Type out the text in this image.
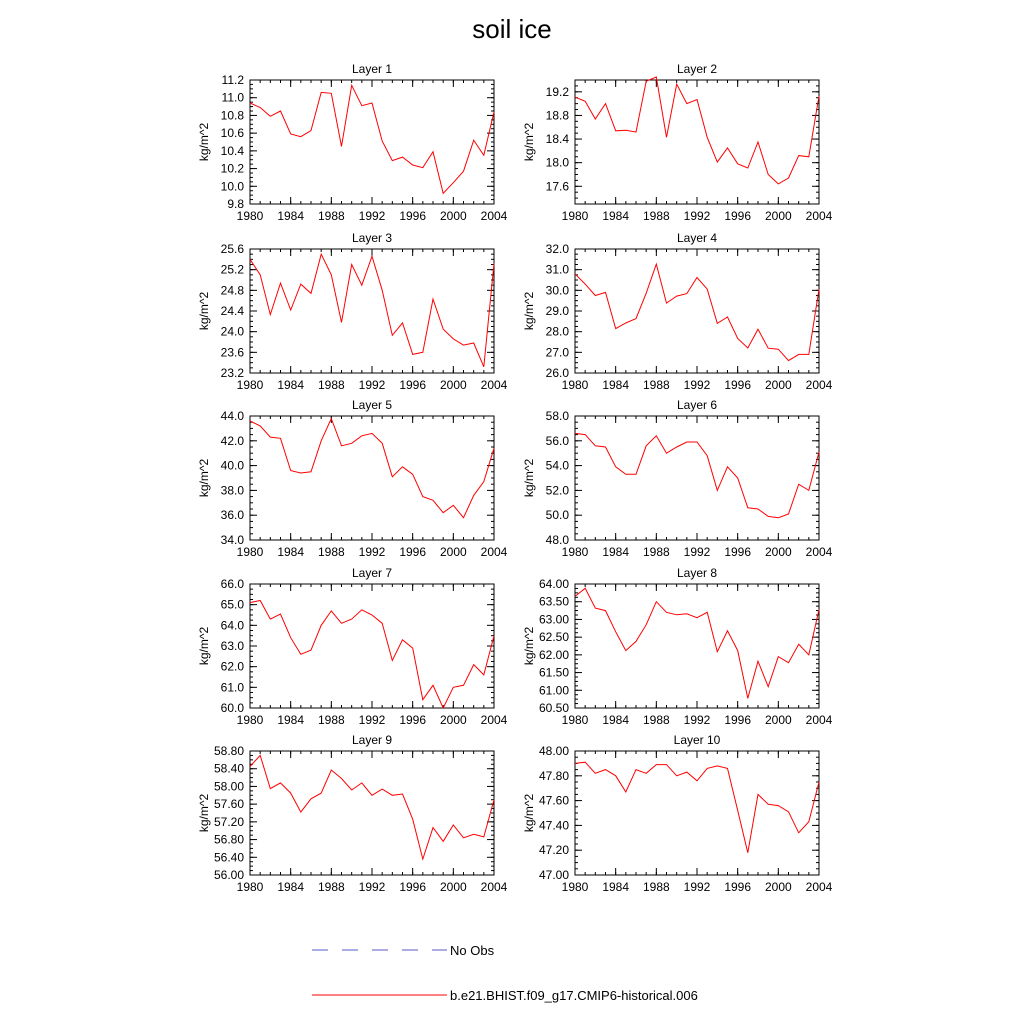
soil ice
Layer 1
kg/m^2
1980 1984 1988 1992 1996 2000 2004
9.8
10.0
10.2
10.4
10.6
10.8
11.0
11.2
Layer 2
kg/m^2
1980 1984 1988 1992 1996 2000 2004
17.6
18.0
18.4
18.8
19.2
Layer 3
kg/m^2
1980 1984 1988 1992 1996 2000 2004
23.2
23.6
24.0
24.4
24.8
25.2
25.6
Layer 4
kg/m^2
1980 1984 1988 1992 1996 2000 2004
26.0
27.0
28.0
29.0
30.0
31.0
32.0
Layer 5
kg/m^2
1980 1984 1988 1992 1996 2000 2004
34.0
36.0
38.0
40.0
42.0
44.0
Layer 6
kg/m^2
1980 1984 1988 1992 1996 2000 2004
48.0
50.0
52.0
54.0
56.0
58.0
Layer 7
kg/m^2
1980 1984 1988 1992 1996 2000 2004
60.0
61.0
62.0
63.0
64.0
65.0
66.0
Layer 8
kg/m^2
1980 1984 1988 1992 1996 2000 2004
60.50
61.00
61.50
62.00
62.50
63.00
63.50
64.00
Layer 9
kg/m^2
1980 1984 1988 1992 1996 2000 2004
56.00
56.40
56.80
57.20
57.60
58.00
58.40
58.80
Layer 10
kg/m^2
1980 1984 1988 1992 1996 2000 2004
47.00
47.20
47.40
47.60
47.80
48.00
No Obs
b.e21.BHIST.f09_g17.CMIP6-historical.006
